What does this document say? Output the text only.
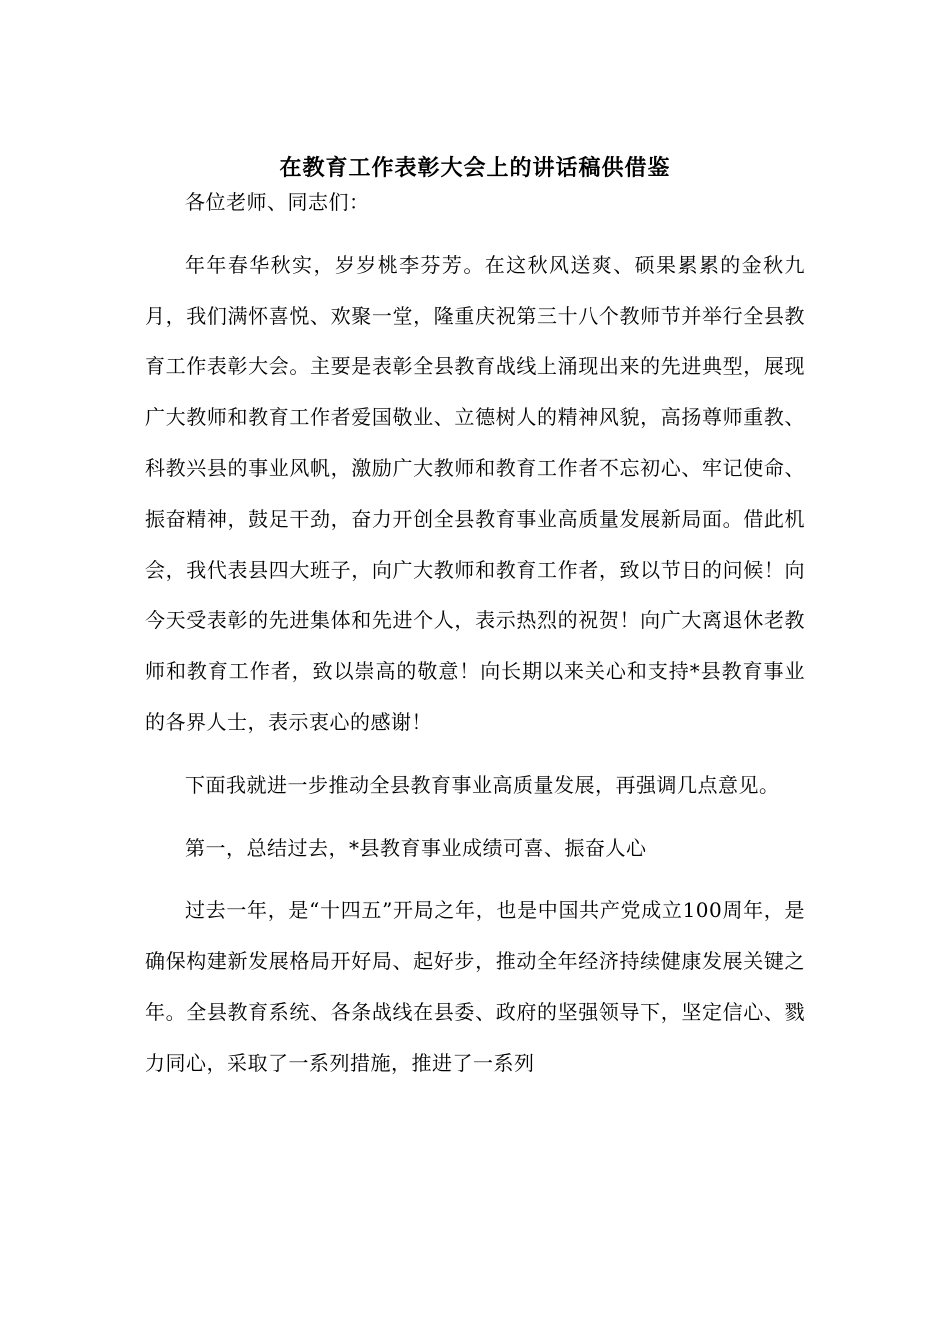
在教育工作表彰大会上的讲话稿供借鉴

各位老师、同志们：

年年春华秋实，岁岁桃李芬芳。在这秋风送爽、硕果累累的金秋九月，我们满怀喜悦、欢聚一堂，隆重庆祝第三十八个教师节并举行全县教育工作表彰大会。主要是表彰全县教育战线上涌现出来的先进典型，展现广大教师和教育工作者爱国敬业、立德树人的精神风貌，高扬尊师重教、科教兴县的事业风帆，激励广大教师和教育工作者不忘初心、牢记使命、振奋精神，鼓足干劲，奋力开创全县教育事业高质量发展新局面。借此机会，我代表县四大班子，向广大教师和教育工作者，致以节日的问候！向今天受表彰的先进集体和先进个人，表示热烈的祝贺！向广大离退休老教师和教育工作者，致以崇高的敬意！向长期以来关心和支持*县教育事业的各界人士，表示衷心的感谢！

下面我就进一步推动全县教育事业高质量发展，再强调几点意见。

第一，总结过去，*县教育事业成绩可喜、振奋人心

过去一年，是“十四五”开局之年，也是中国共产党成立100周年，是确保构建新发展格局开好局、起好步，推动全年经济持续健康发展关键之年。全县教育系统、各条战线在县委、政府的坚强领导下，坚定信心、戮力同心，采取了一系列措施，推进了一系列
